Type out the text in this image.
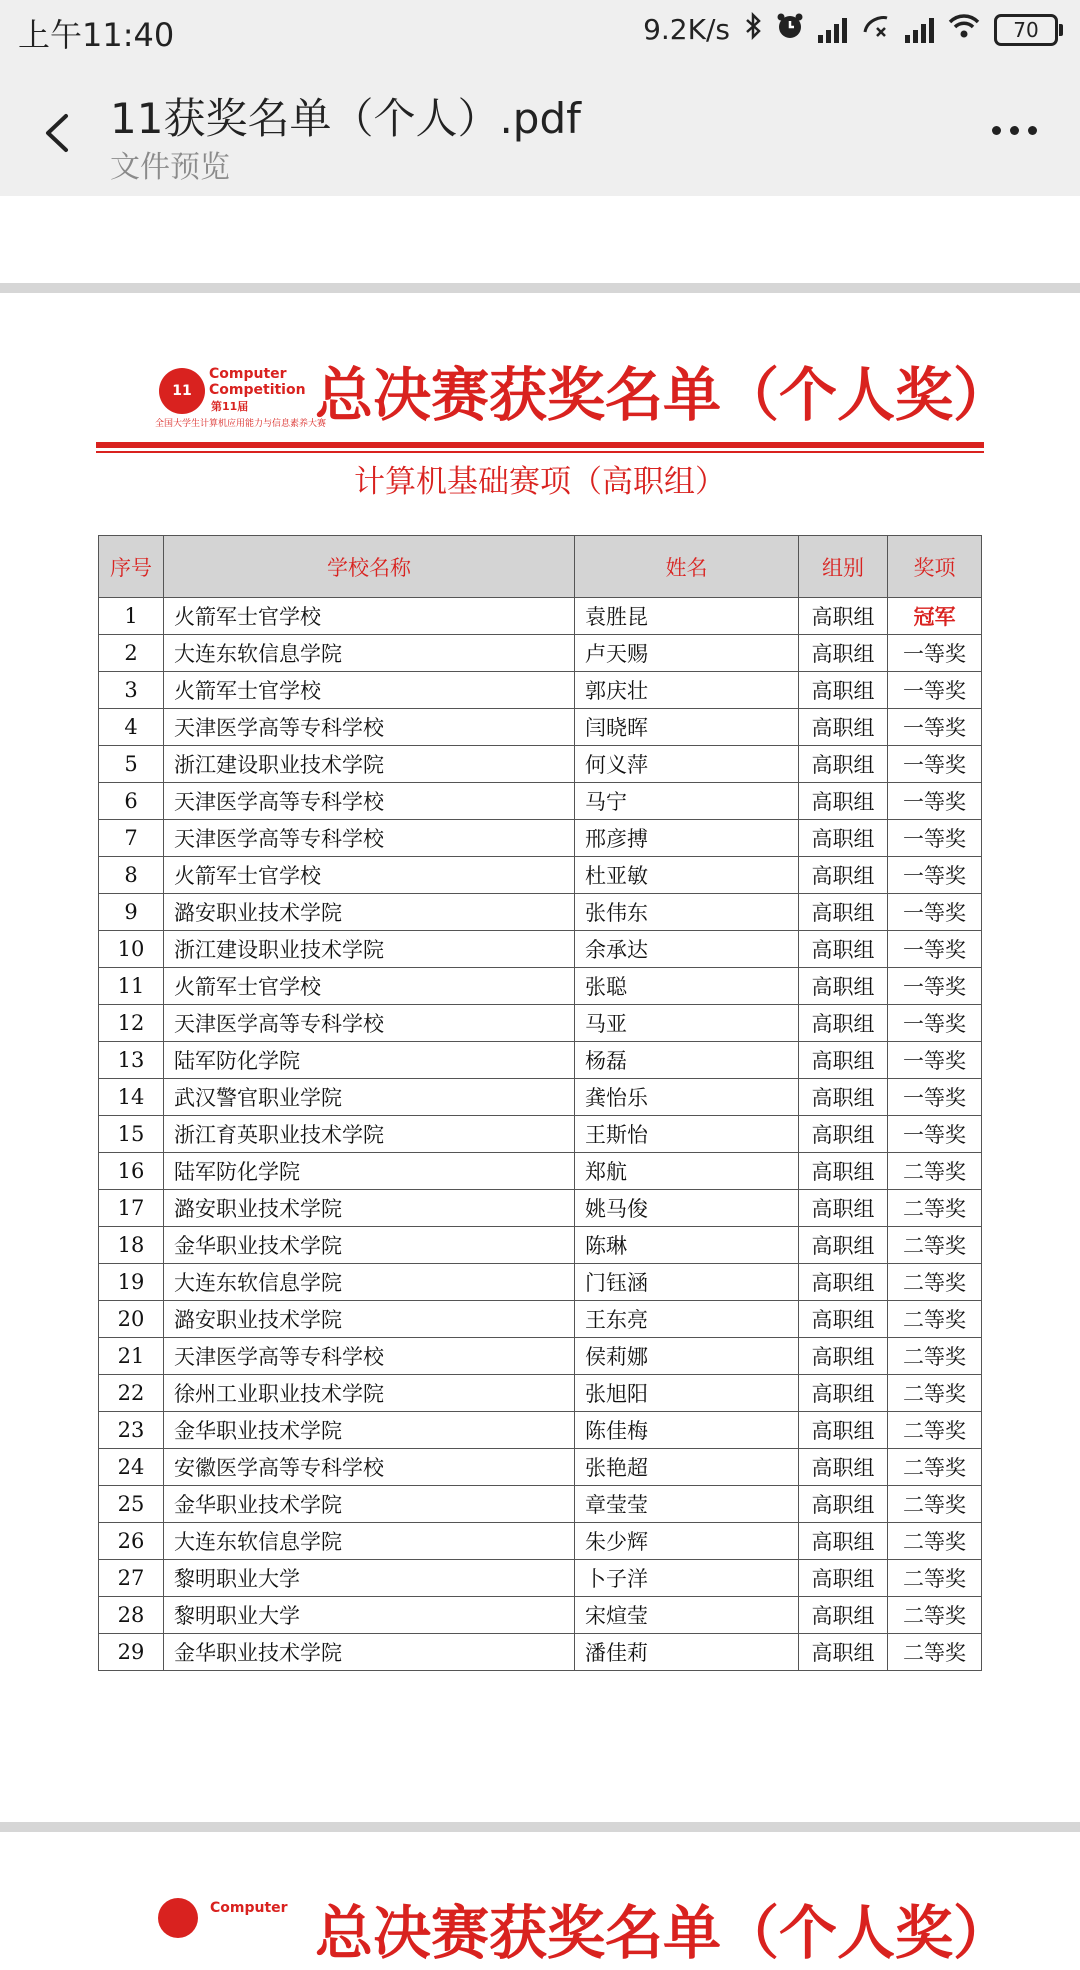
上午11:40	9.2K/s	70
11获奖名单（个人）.pdf
文件预览
11
Computer
Competition
第11届
全国大学生计算机应用能力与信息素养大赛
总决赛获奖名单（个人奖）
计算机基础赛项（高职组）
序号	学校名称	姓名	组别	奖项
1	火箭军士官学校	袁胜昆	高职组	冠军
2	大连东软信息学院	卢天赐	高职组	一等奖
3	火箭军士官学校	郭庆壮	高职组	一等奖
4	天津医学高等专科学校	闫晓晖	高职组	一等奖
5	浙江建设职业技术学院	何义萍	高职组	一等奖
6	天津医学高等专科学校	马宁	高职组	一等奖
7	天津医学高等专科学校	邢彦搏	高职组	一等奖
8	火箭军士官学校	杜亚敏	高职组	一等奖
9	潞安职业技术学院	张伟东	高职组	一等奖
10	浙江建设职业技术学院	余承达	高职组	一等奖
11	火箭军士官学校	张聪	高职组	一等奖
12	天津医学高等专科学校	马亚	高职组	一等奖
13	陆军防化学院	杨磊	高职组	一等奖
14	武汉警官职业学院	龚怡乐	高职组	一等奖
15	浙江育英职业技术学院	王斯怡	高职组	一等奖
16	陆军防化学院	郑航	高职组	二等奖
17	潞安职业技术学院	姚马俊	高职组	二等奖
18	金华职业技术学院	陈琳	高职组	二等奖
19	大连东软信息学院	门钰涵	高职组	二等奖
20	潞安职业技术学院	王东亮	高职组	二等奖
21	天津医学高等专科学校	侯莉娜	高职组	二等奖
22	徐州工业职业技术学院	张旭阳	高职组	二等奖
23	金华职业技术学院	陈佳梅	高职组	二等奖
24	安徽医学高等专科学校	张艳超	高职组	二等奖
25	金华职业技术学院	章莹莹	高职组	二等奖
26	大连东软信息学院	朱少辉	高职组	二等奖
27	黎明职业大学	卜子洋	高职组	二等奖
28	黎明职业大学	宋煊莹	高职组	二等奖
29	金华职业技术学院	潘佳莉	高职组	二等奖
Computer 总决赛获奖名单（个人奖）
